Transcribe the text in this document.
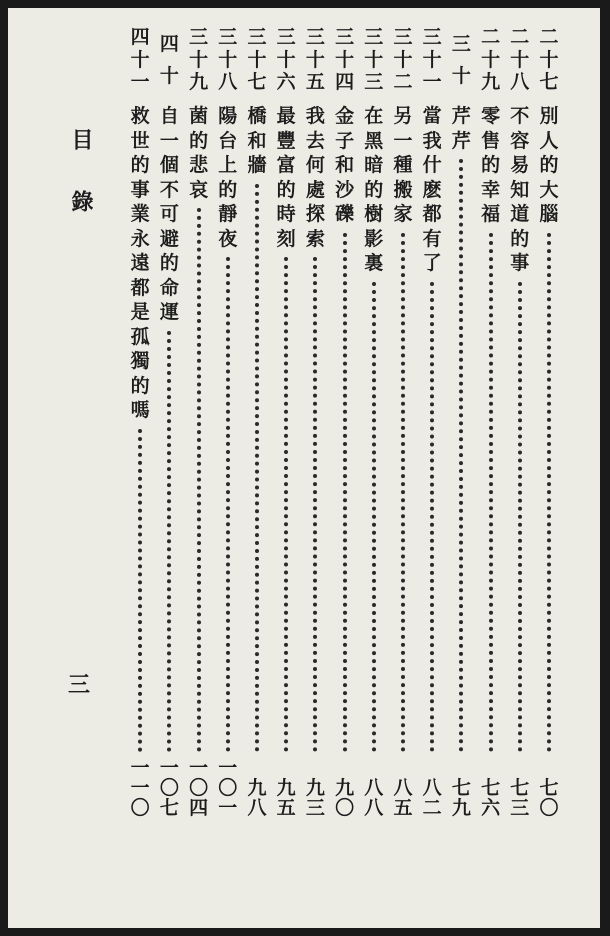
二
十
七
別
人
的
大
腦
七
〇
二
十
八
不
容
易
知
道
的
事
七
三
二
十
九
零
售
的
幸
福
七
六
三
十
芹
芹
七
九
三
十
一
當
我
什
麽
都
有
了
八
二
三
十
二
另
一
種
搬
家
八
五
三
十
三
在
黑
暗
的
樹
影
裏
八
八
三
十
四
金
子
和
沙
礫
九
〇
三
十
五
我
去
何
處
探
索
九
三
三
十
六
最
豐
富
的
時
刻
九
五
三
十
七
橋
和
牆
九
八
三
十
八
陽
台
上
的
靜
夜
一
〇
一
三
十
九
菌
的
悲
哀
一
〇
四
四
十
自
一
個
不
可
避
的
命
運
一
〇
七
四
十
一
救
世
的
事
業
永
遠
都
是
孤
獨
的
嗎
一
一
〇
目錄
三
